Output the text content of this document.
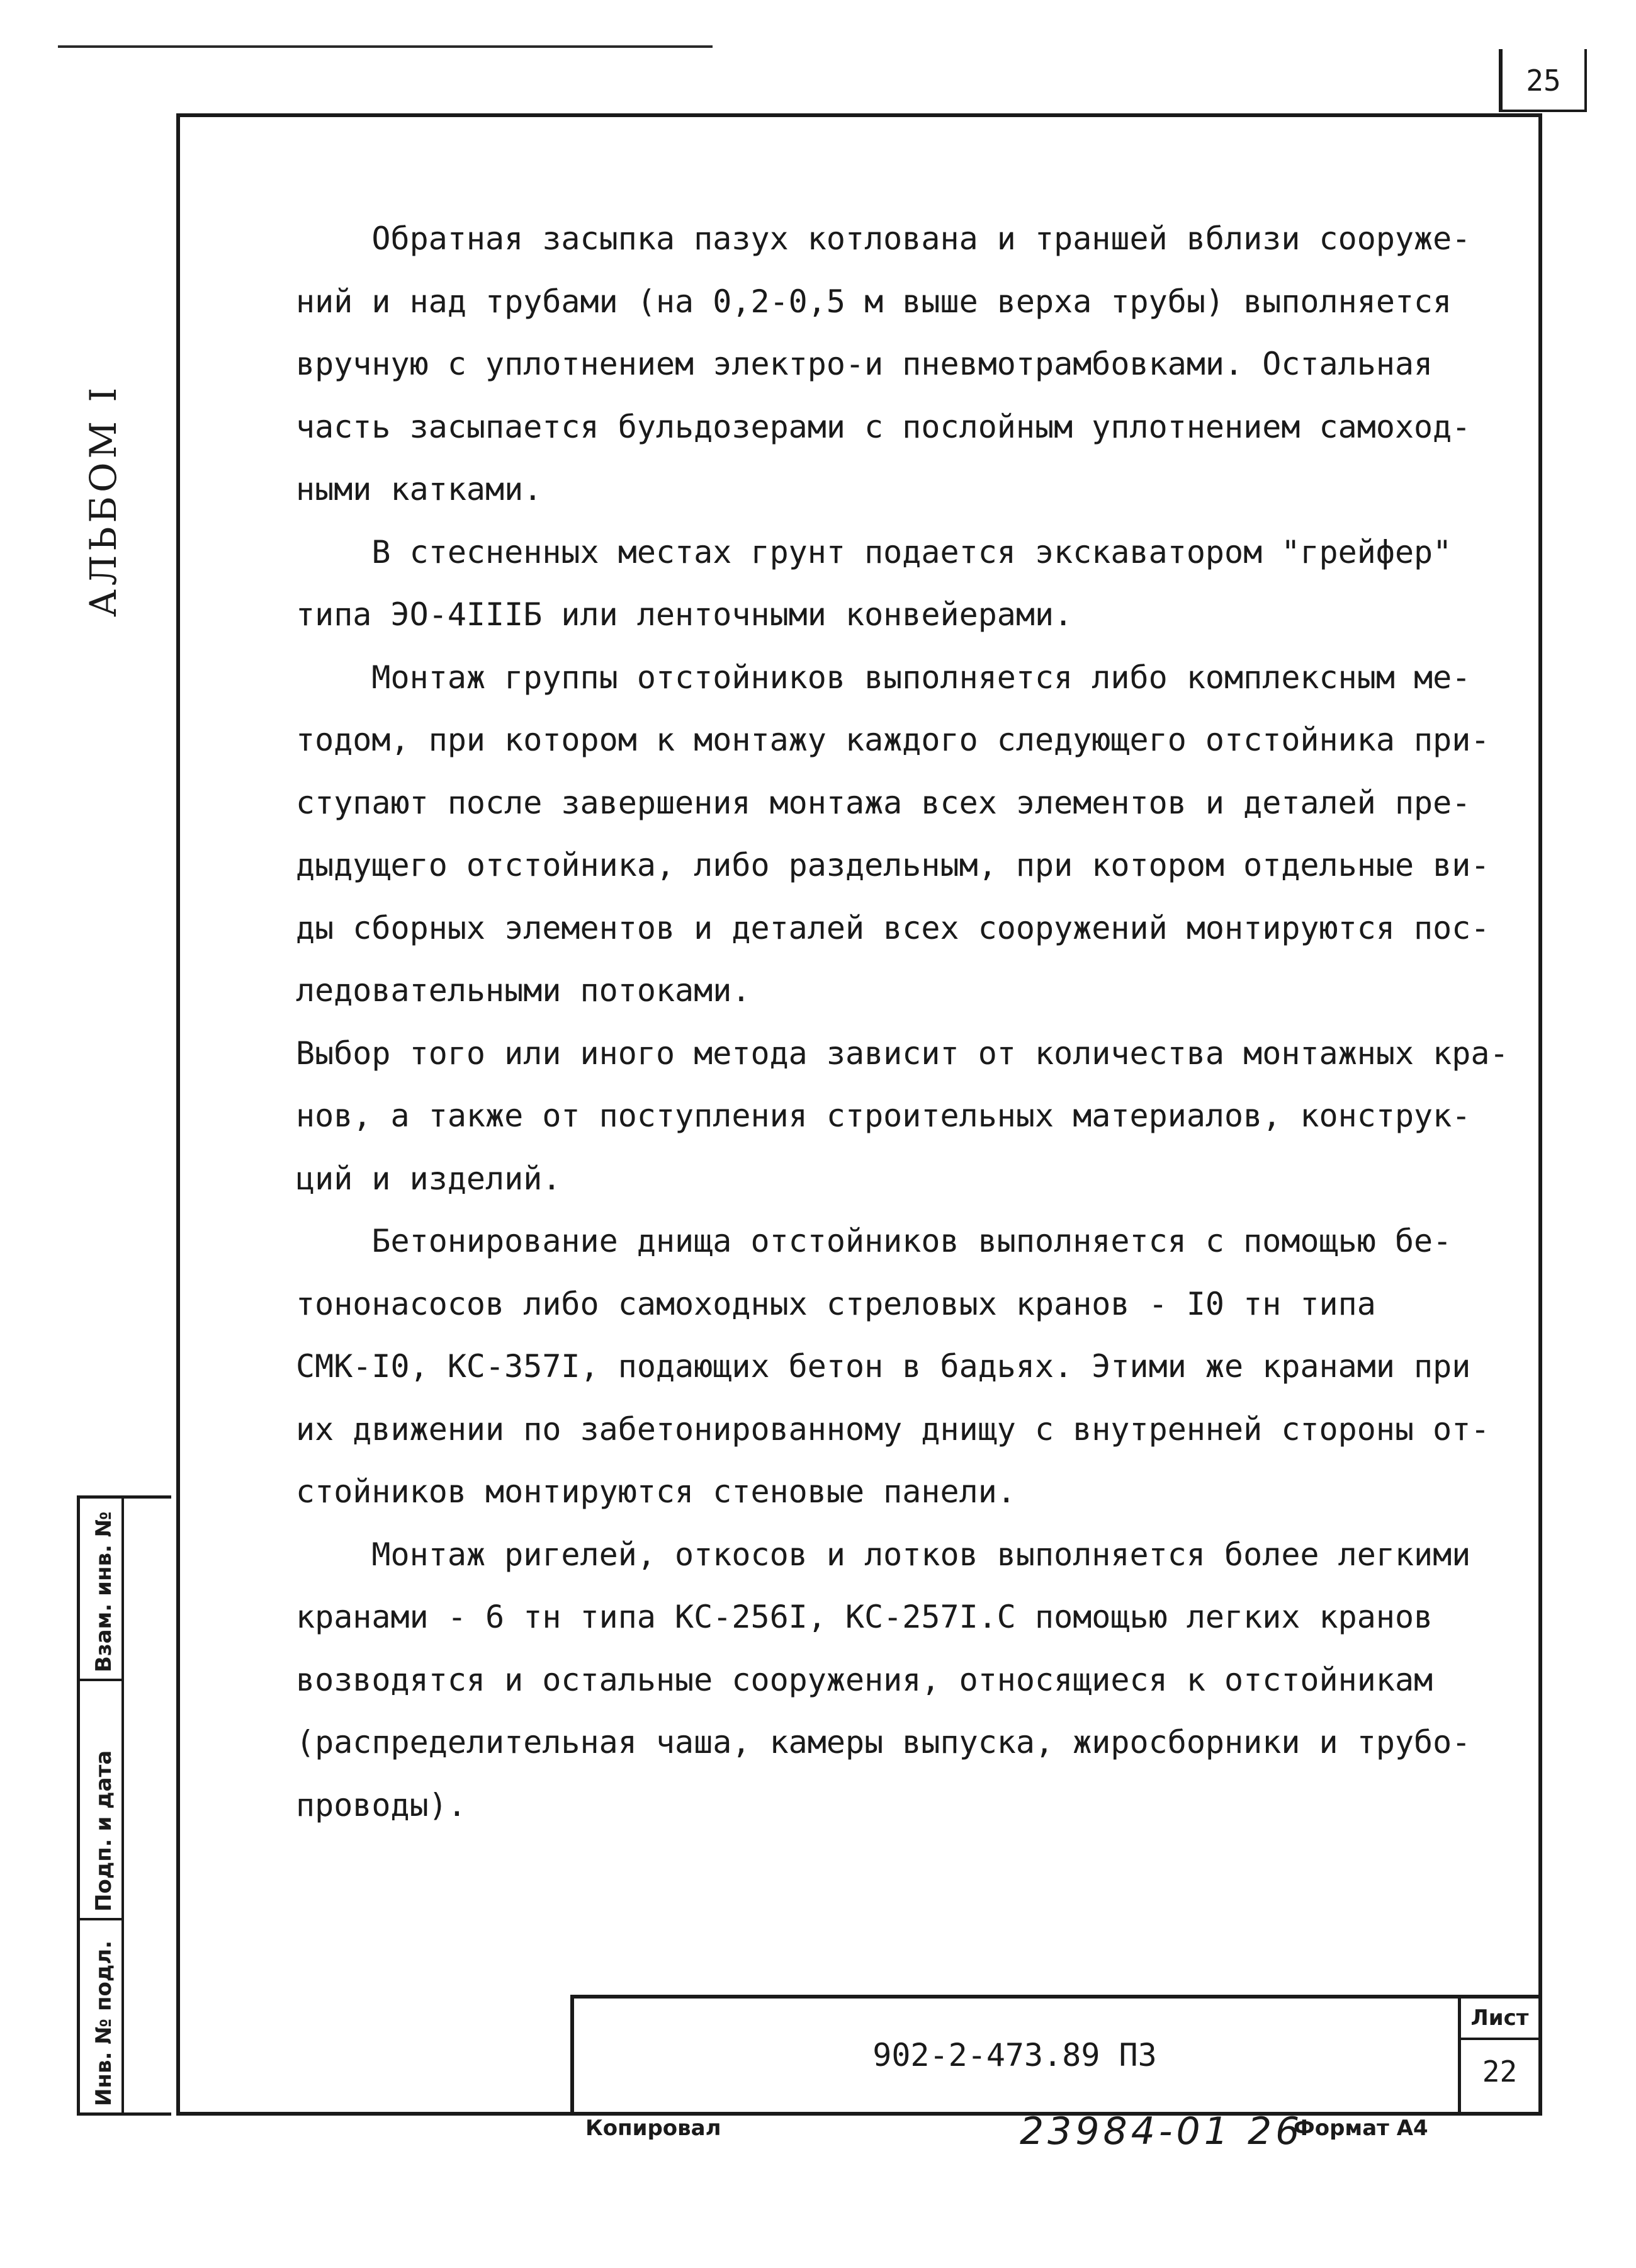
25
АЛЬБОМ I
Взам. инв. №
Подп. и дата
Инв. № подл.
Обратная засыпка пазух котлована и траншей вблизи сооруже-
ний и над трубами (на 0,2-0,5 м выше верха трубы) выполняется
вручную с уплотнением электро-и пневмотрамбовками. Остальная
часть засыпается бульдозерами с послойным уплотнением самоход-
ными катками.
В стесненных местах грунт подается экскаватором "грейфер"
типа ЭО-4IIIБ или ленточными конвейерами.
Монтаж группы отстойников выполняется либо комплексным ме-
тодом, при котором к монтажу каждого следующего отстойника при-
ступают после завершения монтажа всех элементов и деталей пре-
дыдущего отстойника, либо раздельным, при котором отдельные ви-
ды сборных элементов и деталей всех сооружений монтируются пос-
ледовательными потоками.
Выбор того или иного метода зависит от количества монтажных кра-
нов, а также от поступления строительных материалов, конструк-
ций и изделий.
Бетонирование днища отстойников выполняется с помощью бе-
тононасосов либо самоходных стреловых кранов - I0 тн типа
СМК-I0, КС-357I, подающих бетон в бадьях. Этими же кранами при
их движении по забетонированному днищу с внутренней стороны от-
стойников монтируются стеновые панели.
Монтаж ригелей, откосов и лотков выполняется более легкими
кранами - 6 тн типа КС-256I, КС-257I.С помощью легких кранов
возводятся и остальные сооружения, относящиеся к отстойникам
(распределительная чаша, камеры выпуска, жиросборники и трубо-
проводы).
902-2-473.89 ПЗ
Лист
22
Копировал	23984-01 26
Формат А4
